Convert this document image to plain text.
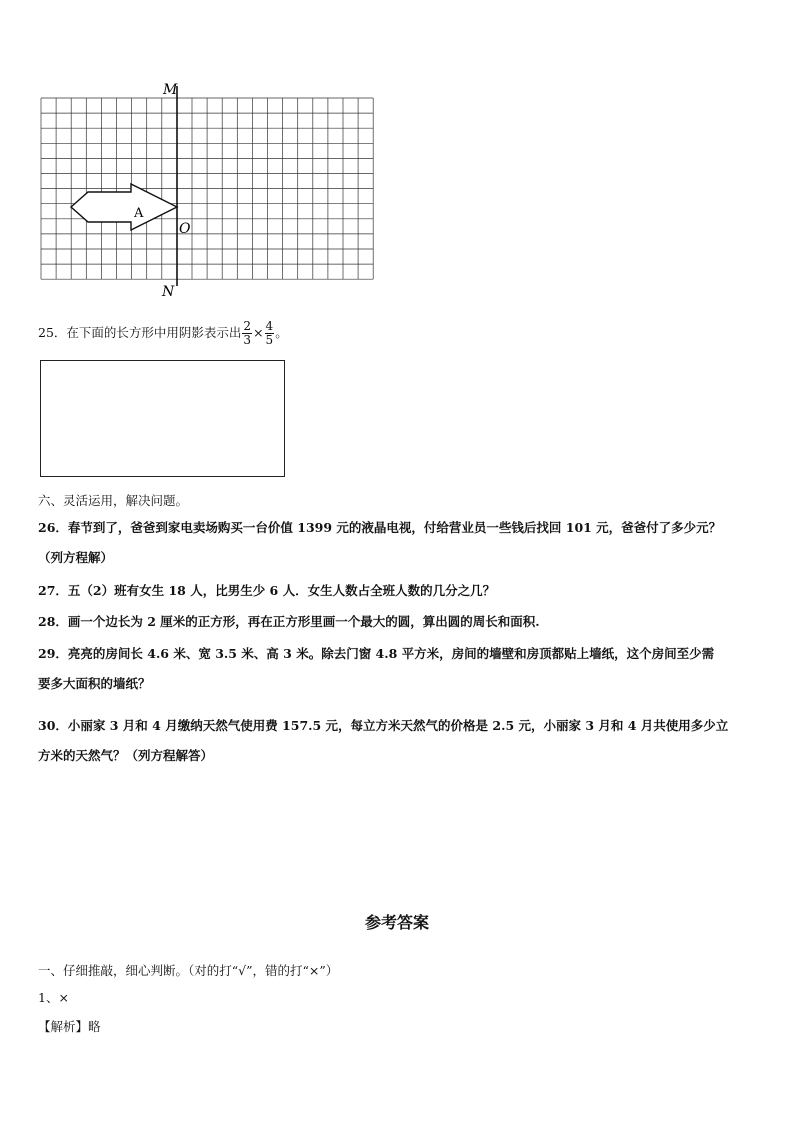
M
N
O
A
25．在下面的长方形中用阴影表示出 $\frac{2}{3} \times \frac{4}{5}$ 。
六、灵活运用，解决问题。
26．春节到了，爸爸到家电卖场购买一台价值 1399 元的液晶电视，付给营业员一些钱后找回 101 元，爸爸付了多少元？
（列方程解）
27．五（2）班有女生 18 人，比男生少 6 人．女生人数占全班人数的几分之几？
28．画一个边长为 2 厘米的正方形，再在正方形里画一个最大的圆，算出圆的周长和面积.
29．亮亮的房间长 4.6 米、宽 3.5 米、高 3 米。除去门窗 4.8 平方米，房间的墙壁和房顶都贴上墙纸，这个房间至少需
要多大面积的墙纸？
30．小丽家 3 月和 4 月缴纳天然气使用费 157.5 元，每立方米天然气的价格是 2.5 元，小丽家 3 月和 4 月共使用多少立
方米的天然气？（列方程解答）
参考答案
一、仔细推敲，细心判断。（对的打“√”，错的打“×”）
1、×
【解析】略
